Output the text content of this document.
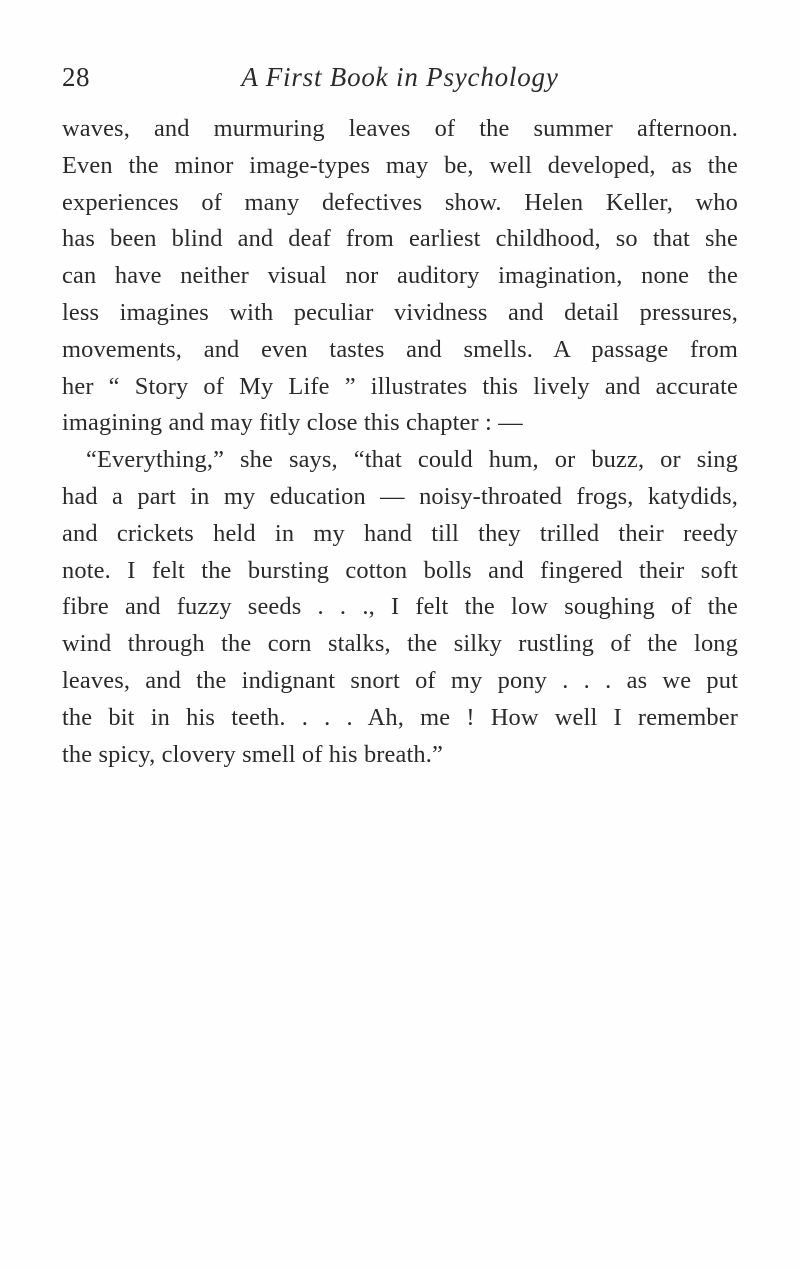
28	A First Book in Psychology
waves, and murmuring leaves of the summer afternoon.
Even the minor image-types may be, well developed, as the
experiences of many defectives show. Helen Keller, who
has been blind and deaf from earliest childhood, so that she
can have neither visual nor auditory imagination, none the
less imagines with peculiar vividness and detail pressures,
movements, and even tastes and smells. A passage from
her “ Story of My Life ” illustrates this lively and accurate
imagining and may fitly close this chapter : —
“Everything,” she says, “that could hum, or buzz, or sing
had a part in my education — noisy-throated frogs, katydids,
and crickets held in my hand till they trilled their reedy
note. I felt the bursting cotton bolls and fingered their soft
fibre and fuzzy seeds . . ., I felt the low soughing of the
wind through the corn stalks, the silky rustling of the long
leaves, and the indignant snort of my pony . . . as we put
the bit in his teeth. . . . Ah, me ! How well I remember
the spicy, clovery smell of his breath.”
